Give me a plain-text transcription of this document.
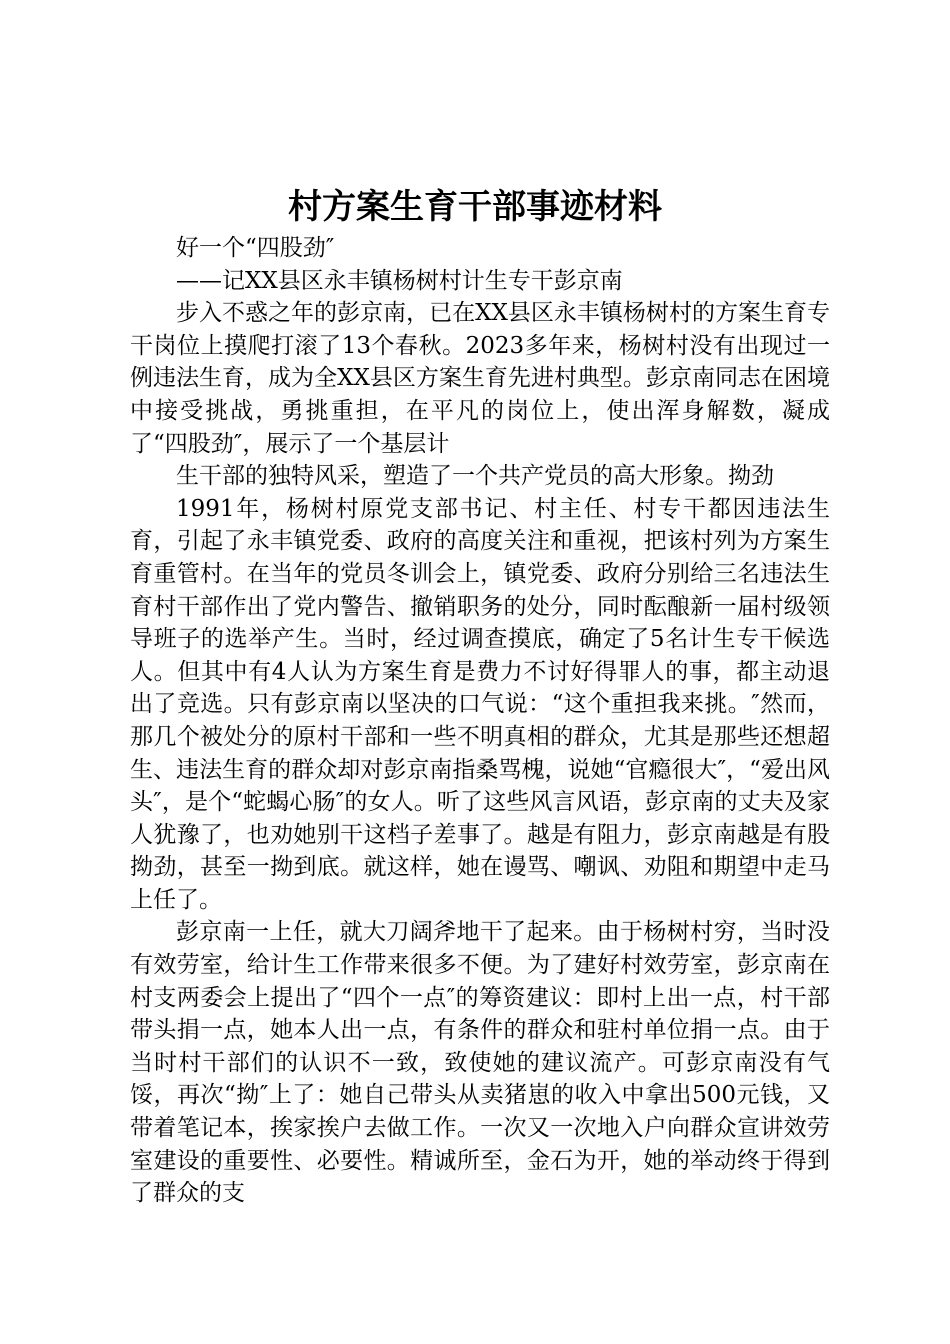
村方案生育干部事迹材料

好一个“四股劲″

——记XX县区永丰镇杨树村计生专干彭京南

步入不惑之年的彭京南，已在XX县区永丰镇杨树村的方案生育专干岗位上摸爬打滚了13个春秋。2023多年来，杨树村没有出现过一例违法生育，成为全XX县区方案生育先进村典型。彭京南同志在困境中接受挑战，勇挑重担，在平凡的岗位上，使出浑身解数，凝成了“四股劲″，展示了一个基层计

生干部的独特风采，塑造了一个共产党员的高大形象。拗劲

1991年，杨树村原党支部书记、村主任、村专干都因违法生育，引起了永丰镇党委、政府的高度关注和重视，把该村列为方案生育重管村。在当年的党员冬训会上，镇党委、政府分别给三名违法生育村干部作出了党内警告、撤销职务的处分，同时酝酿新一届村级领导班子的选举产生。当时，经过调查摸底，确定了5名计生专干候选人。但其中有4人认为方案生育是费力不讨好得罪人的事，都主动退出了竞选。只有彭京南以坚决的口气说：“这个重担我来挑。″然而，那几个被处分的原村干部和一些不明真相的群众，尤其是那些还想超生、违法生育的群众却对彭京南指桑骂槐，说她“官瘾很大″，“爱出风头″，是个“蛇蝎心肠″的女人。听了这些风言风语，彭京南的丈夫及家人犹豫了，也劝她别干这档子差事了。越是有阻力，彭京南越是有股拗劲，甚至一拗到底。就这样，她在谩骂、嘲讽、劝阻和期望中走马上任了。

彭京南一上任，就大刀阔斧地干了起来。由于杨树村穷，当时没有效劳室，给计生工作带来很多不便。为了建好村效劳室，彭京南在村支两委会上提出了“四个一点″的筹资建议：即村上出一点，村干部带头捐一点，她本人出一点，有条件的群众和驻村单位捐一点。由于当时村干部们的认识不一致，致使她的建议流产。可彭京南没有气馁，再次“拗″上了：她自己带头从卖猪崽的收入中拿出500元钱，又带着笔记本，挨家挨户去做工作。一次又一次地入户向群众宣讲效劳室建设的重要性、必要性。精诚所至，金石为开，她的举动终于得到了群众的支
